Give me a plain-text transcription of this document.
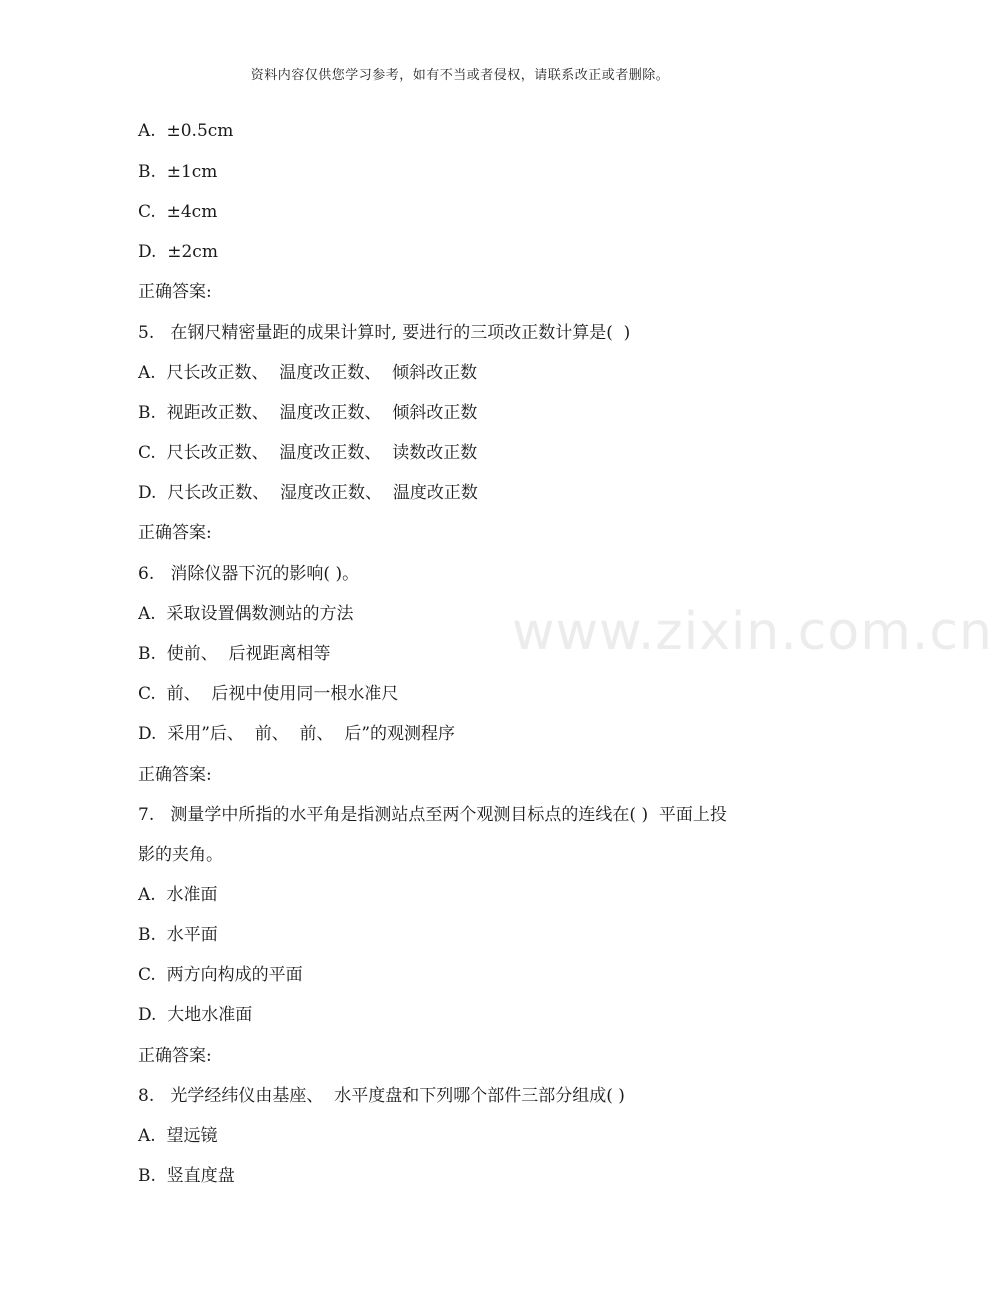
资料内容仅供您学习参考，如有不当或者侵权，请联系改正或者删除。
www.zixin.com.cn
A.  ±0.5cm
B.  ±1cm
C.  ±4cm
D.  ±2cm
正确答案:
5.   在钢尺精密量距的成果计算时, 要进行的三项改正数计算是(  )
A.  尺长改正数、  温度改正数、  倾斜改正数
B.  视距改正数、  温度改正数、  倾斜改正数
C.  尺长改正数、  温度改正数、  读数改正数
D.  尺长改正数、  湿度改正数、  温度改正数
正确答案:
6.   消除仪器下沉的影响( )。
A.  采取设置偶数测站的方法
B.  使前、  后视距离相等
C.  前、  后视中使用同一根水准尺
D.  采用”后、  前、  前、  后”的观测程序
正确答案:
7.   测量学中所指的水平角是指测站点至两个观测目标点的连线在( )  平面上投
影的夹角。
A.  水准面
B.  水平面
C.  两方向构成的平面
D.  大地水准面
正确答案:
8.   光学经纬仪由基座、  水平度盘和下列哪个部件三部分组成( )
A.  望远镜
B.  竖直度盘
